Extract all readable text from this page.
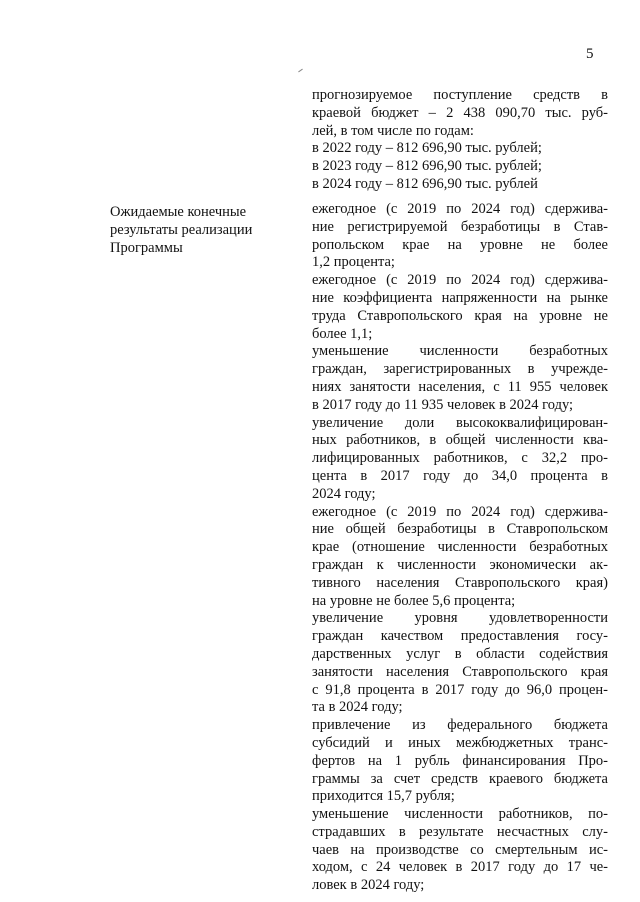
5
прогнозируемое поступление средств в
краевой бюджет – 2 438 090,70 тыс. руб-
лей, в том числе по годам:
в 2022 году – 812 696,90 тыс. рублей;
в 2023 году – 812 696,90 тыс. рублей;
в 2024 году – 812 696,90 тыс. рублей
Ожидаемые конечные
результаты реализации
Программы

ежегодное (с 2019 по 2024 год) сдержива-
ние регистрируемой безработицы в Став-
ропольском крае на уровне не более
1,2 процента;

ежегодное (с 2019 по 2024 год) сдержива-
ние коэффициента напряженности на рынке
труда Ставропольского края на уровне не
более 1,1;

уменьшение численности безработных
граждан, зарегистрированных в учрежде-
ниях занятости населения, с 11 955 человек
в 2017 году до 11 935 человек в 2024 году;

увеличение доли высококвалифицирован-
ных работников, в общей численности ква-
лифицированных работников, с 32,2 про-
цента в 2017 году до 34,0 процента в
2024 году;

ежегодное (с 2019 по 2024 год) сдержива-
ние общей безработицы в Ставропольском
крае (отношение численности безработных
граждан к численности экономически ак-
тивного населения Ставропольского края)
на уровне не более 5,6 процента;

увеличение уровня удовлетворенности
граждан качеством предоставления госу-
дарственных услуг в области содействия
занятости населения Ставропольского края
с 91,8 процента в 2017 году до 96,0 процен-
та в 2024 году;

привлечение из федерального бюджета
субсидий и иных межбюджетных транс-
фертов на 1 рубль финансирования Про-
граммы за счет средств краевого бюджета
приходится 15,7 рубля;

уменьшение численности работников, по-
страдавших в результате несчастных слу-
чаев на производстве со смертельным ис-
ходом, с 24 человек в 2017 году до 17 че-
ловек в 2024 году;
